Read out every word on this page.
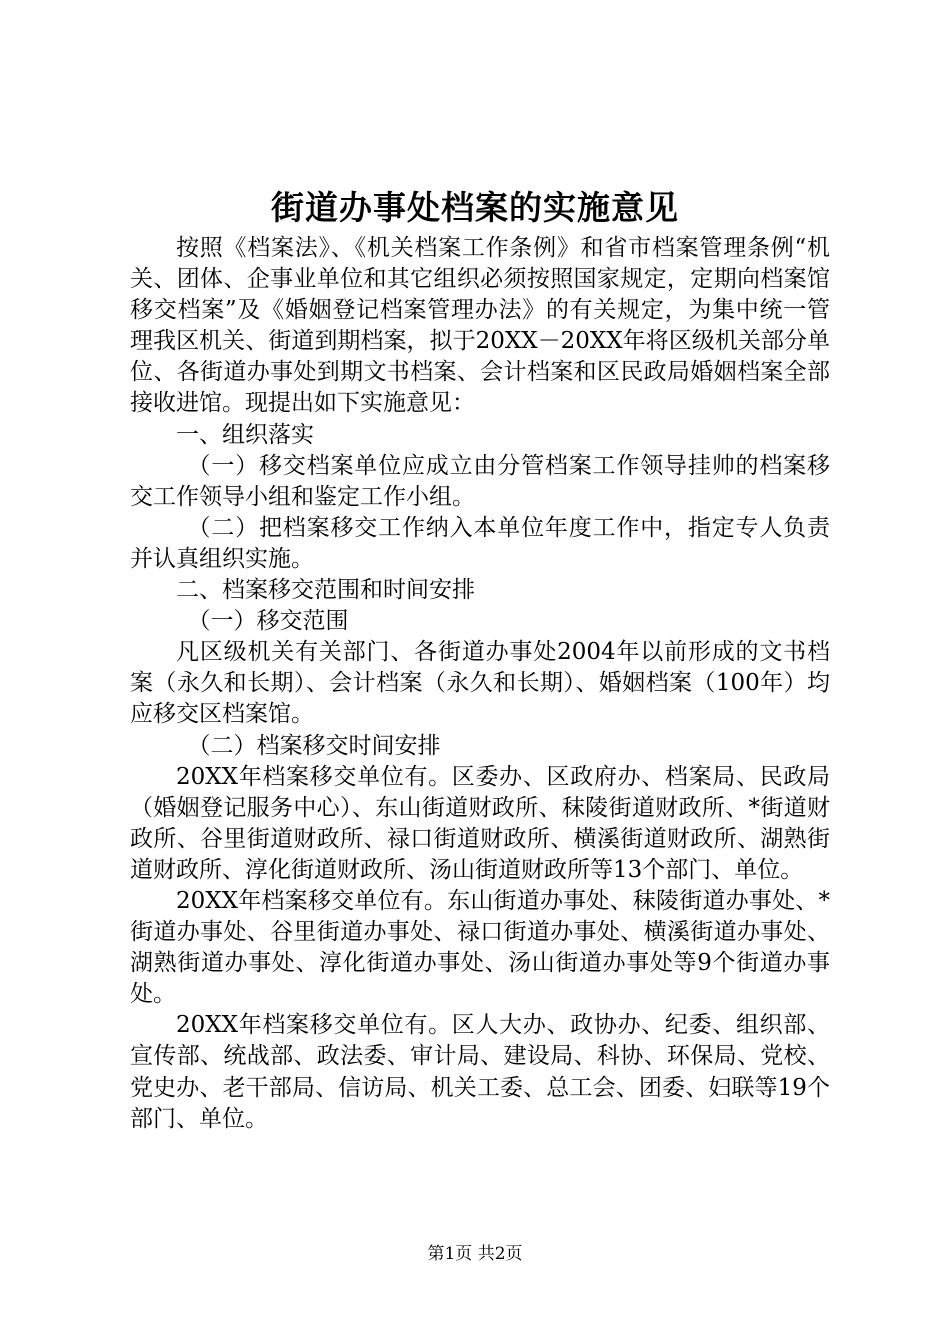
街道办事处档案的实施意见

按照《档案法》、《机关档案工作条例》和省市档案管理条例“机关、团体、企事业单位和其它组织必须按照国家规定，定期向档案馆移交档案”及《婚姻登记档案管理办法》的有关规定，为集中统一管理我区机关、街道到期档案，拟于20XX－20XX年将区级机关部分单位、各街道办事处到期文书档案、会计档案和区民政局婚姻档案全部接收进馆。现提出如下实施意见：

一、组织落实

（一）移交档案单位应成立由分管档案工作领导挂帅的档案移交工作领导小组和鉴定工作小组。

（二）把档案移交工作纳入本单位年度工作中，指定专人负责并认真组织实施。

二、档案移交范围和时间安排

（一）移交范围

凡区级机关有关部门、各街道办事处2004年以前形成的文书档案（永久和长期）、会计档案（永久和长期）、婚姻档案（100年）均应移交区档案馆。

（二）档案移交时间安排

20XX年档案移交单位有。区委办、区政府办、档案局、民政局（婚姻登记服务中心）、东山街道财政所、秣陵街道财政所、*街道财政所、谷里街道财政所、禄口街道财政所、横溪街道财政所、湖熟街道财政所、淳化街道财政所、汤山街道财政所等13个部门、单位。

20XX年档案移交单位有。东山街道办事处、秣陵街道办事处、*街道办事处、谷里街道办事处、禄口街道办事处、横溪街道办事处、湖熟街道办事处、淳化街道办事处、汤山街道办事处等9个街道办事处。

20XX年档案移交单位有。区人大办、政协办、纪委、组织部、宣传部、统战部、政法委、审计局、建设局、科协、环保局、党校、党史办、老干部局、信访局、机关工委、总工会、团委、妇联等19个部门、单位。

第1页 共2页
